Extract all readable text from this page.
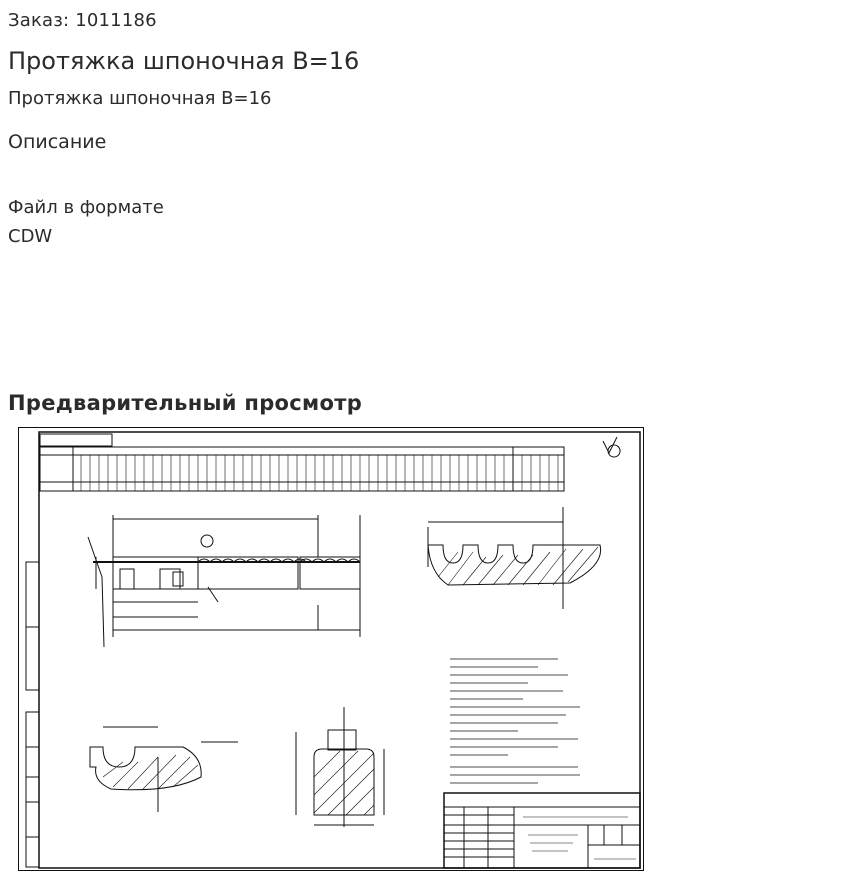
Заказ: 1011186
Протяжка шпоночная B=16
Протяжка шпоночная B=16
Описание
Файл в формате CDW
Предварительный просмотр
